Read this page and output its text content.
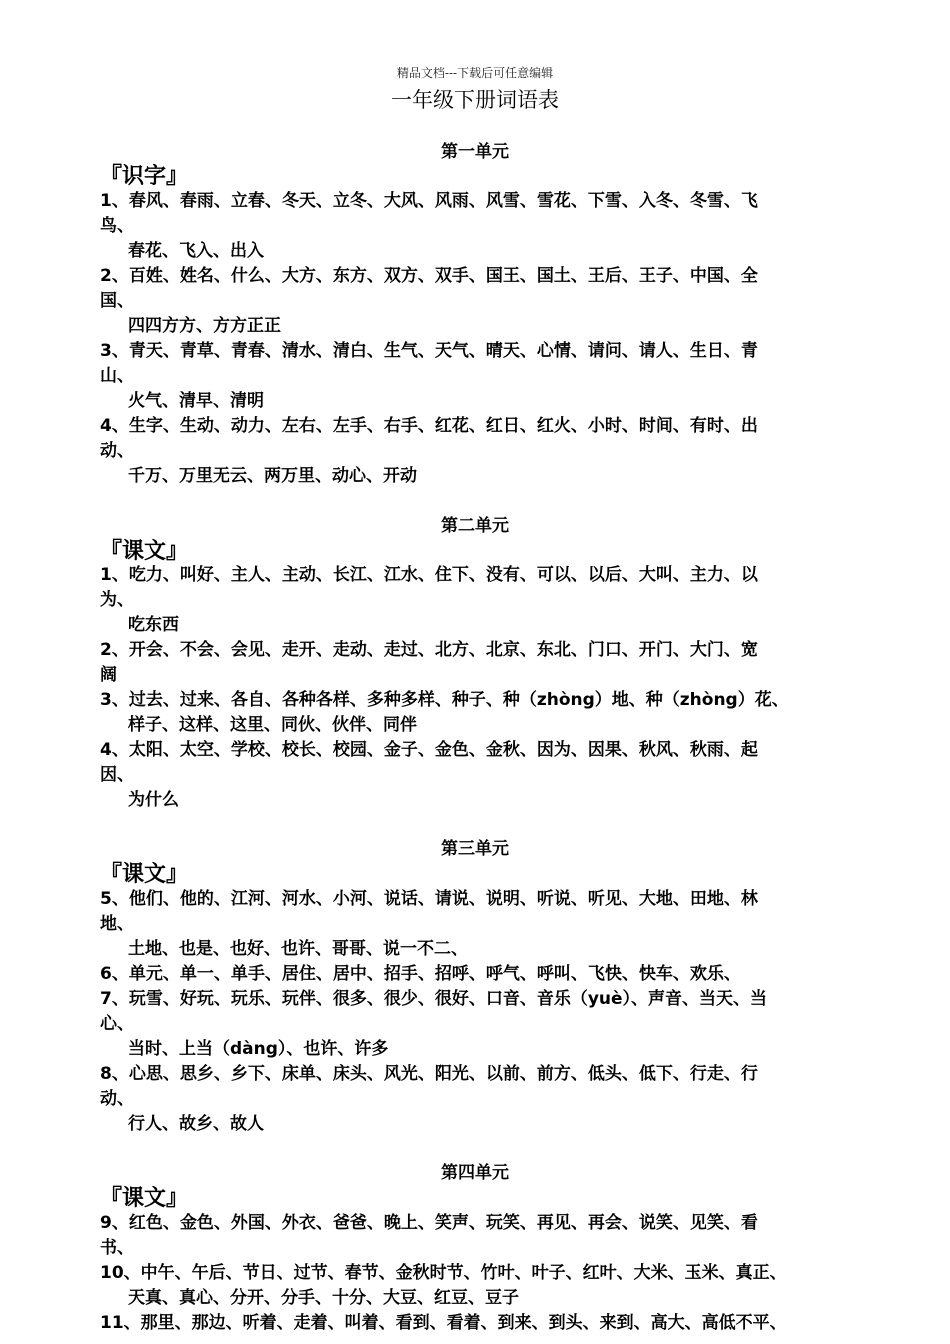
精品文档---下载后可任意编辑
一年级下册词语表
第一单元
『识字』
1、春风、春雨、立春、冬天、立冬、大风、风雨、风雪、雪花、下雪、入冬、冬雪、飞
鸟、
春花、飞入、出入
2、百姓、姓名、什么、大方、东方、双方、双手、国王、国土、王后、王子、中国、全
国、
四四方方、方方正正
3、青天、青草、青春、清水、清白、生气、天气、晴天、心情、请问、请人、生日、青
山、
火气、清早、清明
4、生字、生动、动力、左右、左手、右手、红花、红日、红火、小时、时间、有时、出
动、
千万、万里无云、两万里、动心、开动
第二单元
『课文』
1、吃力、叫好、主人、主动、长江、江水、住下、没有、可以、以后、大叫、主力、以
为、
吃东西
2、开会、不会、会见、走开、走动、走过、北方、北京、东北、门口、开门、大门、宽
阔
3、过去、过来、各自、各种各样、多种多样、种子、种（zhòng）地、种（zhòng）花、
样子、这样、这里、同伙、伙伴、同伴
4、太阳、太空、学校、校长、校园、金子、金色、金秋、因为、因果、秋风、秋雨、起
因、
为什么
第三单元
『课文』
5、他们、他的、江河、河水、小河、说话、请说、说明、听说、听见、大地、田地、林
地、
土地、也是、也好、也许、哥哥、说一不二、
6、单元、单一、单手、居住、居中、招手、招呼、呼气、呼叫、飞快、快车、欢乐、
7、玩雪、好玩、玩乐、玩伴、很多、很少、很好、口音、音乐（yuè）、声音、当天、当
心、
当时、上当（dàng）、也许、许多
8、心思、思乡、乡下、床单、床头、风光、阳光、以前、前方、低头、低下、行走、行
动、
行人、故乡、故人
第四单元
『课文』
9、红色、金色、外国、外衣、爸爸、晚上、笑声、玩笑、再见、再会、说笑、见笑、看
书、
10、中午、午后、节日、过节、春节、金秋时节、竹叶、叶子、红叶、大米、玉米、真正、
天真、真心、分开、分手、十分、大豆、红豆、豆子
11、那里、那边、听着、走着、叫着、看到、看着、到来、到头、来到、高大、高低不平、
